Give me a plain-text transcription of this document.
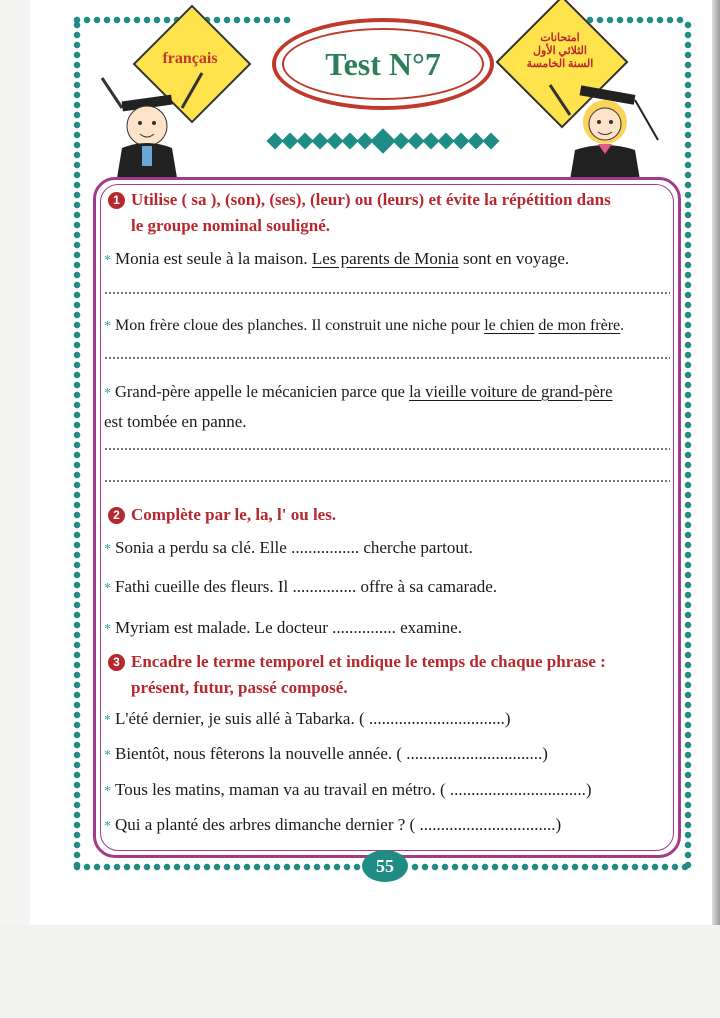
français
امتحانات
الثلاثي الأول
السنة الخامسة
Test N°7
1 Utilise ( sa ), (son), (ses), (leur) ou (leurs) et évite la répétition dans
le groupe nominal souligné.
* Monia est seule à la maison. Les parents de Monia sont en voyage.
* Mon frère cloue des planches. Il construit une niche pour le chien de mon frère.
* Grand-père appelle le mécanicien parce que la vieille voiture de grand-père
est tombée en panne.
2 Complète par le, la, l' ou les.
* Sonia a perdu sa clé. Elle ................ cherche partout.
* Fathi cueille des fleurs. Il ............... offre à sa camarade.
* Myriam est malade. Le docteur ............... examine.
3 Encadre le terme temporel et indique le temps de chaque phrase :
présent, futur, passé composé.
* L'été dernier, je suis allé à Tabarka. ( ................................)
* Bientôt, nous fêterons la nouvelle année. ( ................................)
* Tous les matins, maman va au travail en métro. ( ................................)
* Qui a planté des arbres dimanche dernier ? ( ................................)
55
